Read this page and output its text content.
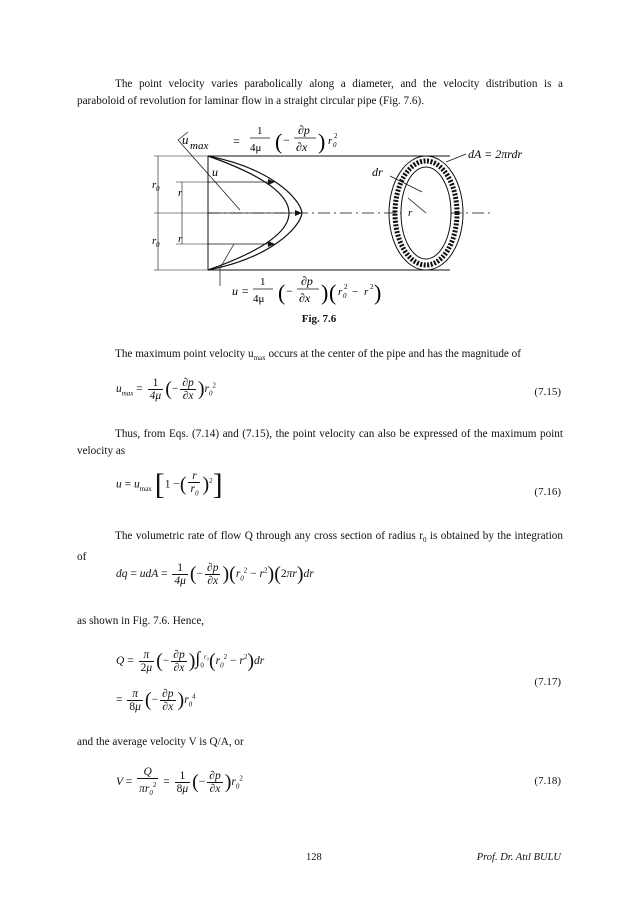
The point velocity varies parabolically along a diameter, and the velocity distribution is a paraboloid of revolution for laminar flow in a straight circular pipe (Fig. 7.6).
u max =
1
4μ ( −
∂p
∂x ) r 0
2
r 0
r 0
r
r
u
r
dr
dA = 2πrdr
u =
1
4μ ( −
∂p
∂x ) ( r 0
2 − r 2 )
Fig. 7.6
The maximum point velocity $u_{max}$ occurs at the center of the pipe and has the magnitude of
$u_{max} = \frac{1}{4\mu}$ (− $\frac{\partial p}{\partial x} )r_0^2$
(7.15)
Thus, from Eqs. (7.14) and (7.15), the point velocity can also be expressed of the maximum point velocity as
$u = u_{max}$ [1 −( $\frac{r}{r_0} )^2$]	(7.16)
The volumetric rate of flow Q through any cross section of radius $r_0$ is obtained by the integration of
dq = udA = $\frac{1}{4\mu}$ (− $\frac{\partial p}{\partial x} )(r_0^2 - r^2)(2\pi r)dr$
as shown in Fig. 7.6. Hence,
$Q = \frac{\pi}{2\mu}$ (− $\frac{\partial p}{\partial x} )\int_0^{r_0}(r_0^2 - r^2)dr$
= $\frac{\pi}{8\mu}$ (− $\frac{\partial p}{\partial x} )r_0^4$
(7.17)
and the average velocity V is Q/A, or
$V = \frac{Q}{\pi r_0^2} = \frac{1}{8\mu}$ (− $\frac{\partial p}{\partial x} )r_0^2$	(7.18)
128	Prof. Dr. Atıl BULU
